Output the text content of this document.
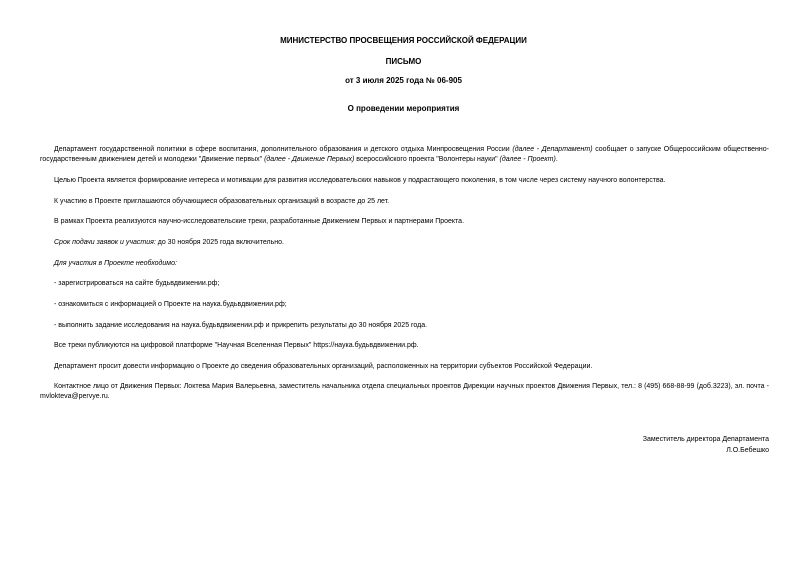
МИНИСТЕРСТВО ПРОСВЕЩЕНИЯ РОССИЙСКОЙ ФЕДЕРАЦИИ
ПИСЬМО
от 3 июля 2025 года № 06-905
О проведении мероприятия
Департамент государственной политики в сфере воспитания, дополнительного образования и детского отдыха Минпросвещения России (далее - Департамент) сообщает о запуске Общероссийским общественно-государственным движением детей и молодежи "Движение первых" (далее - Движение Первых) всероссийского проекта "Волонтеры науки" (далее - Проект).
Целью Проекта является формирование интереса и мотивации для развития исследовательских навыков у подрастающего поколения, в том числе через систему научного волонтерства.
К участию в Проекте приглашаются обучающиеся образовательных организаций в возрасте до 25 лет.
В рамках Проекта реализуются научно-исследовательские треки, разработанные Движением Первых и партнерами Проекта.
Срок подачи заявок и участия: до 30 ноября 2025 года включительно.
Для участия в Проекте необходимо:
- зарегистрироваться на сайте будьвдвижении.рф;
- ознакомиться с информацией о Проекте на наука.будьвдвижении.рф;
- выполнить задание исследования на наука.будьвдвижении.рф и прикрепить результаты до 30 ноября 2025 года.
Все треки публикуются на цифровой платформе "Научная Вселенная Первых" https://наука.будьвдвижении.рф.
Департамент просит довести информацию о Проекте до сведения образовательных организаций, расположенных на территории субъектов Российской Федерации.
Контактное лицо от Движения Первых: Локтева Мария Валерьевна, заместитель начальника отдела специальных проектов Дирекции научных проектов Движения Первых, тел.: 8 (495) 668-88-99 (доб.3223), эл. почта - mvlokteva@pervye.ru.
Заместитель директора Департамента
Л.О.Бебешко
